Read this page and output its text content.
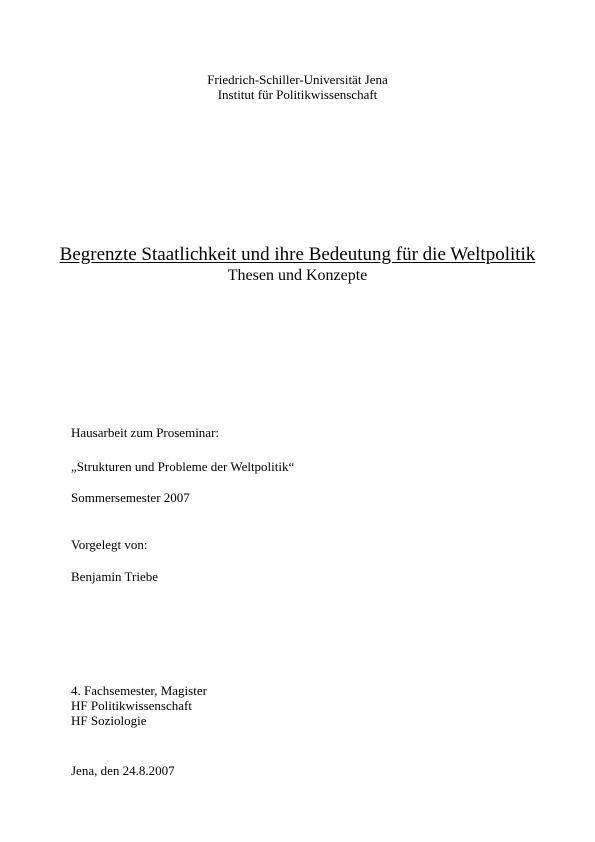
Friedrich-Schiller-Universität Jena
Institut für Politikwissenschaft
Begrenzte Staatlichkeit und ihre Bedeutung für die Weltpolitik
Thesen und Konzepte
Hausarbeit zum Proseminar:
„Strukturen und Probleme der Weltpolitik“
Sommersemester 2007
Vorgelegt von:
Benjamin Triebe
4. Fachsemester, Magister
HF Politikwissenschaft
HF Soziologie
Jena, den 24.8.2007
